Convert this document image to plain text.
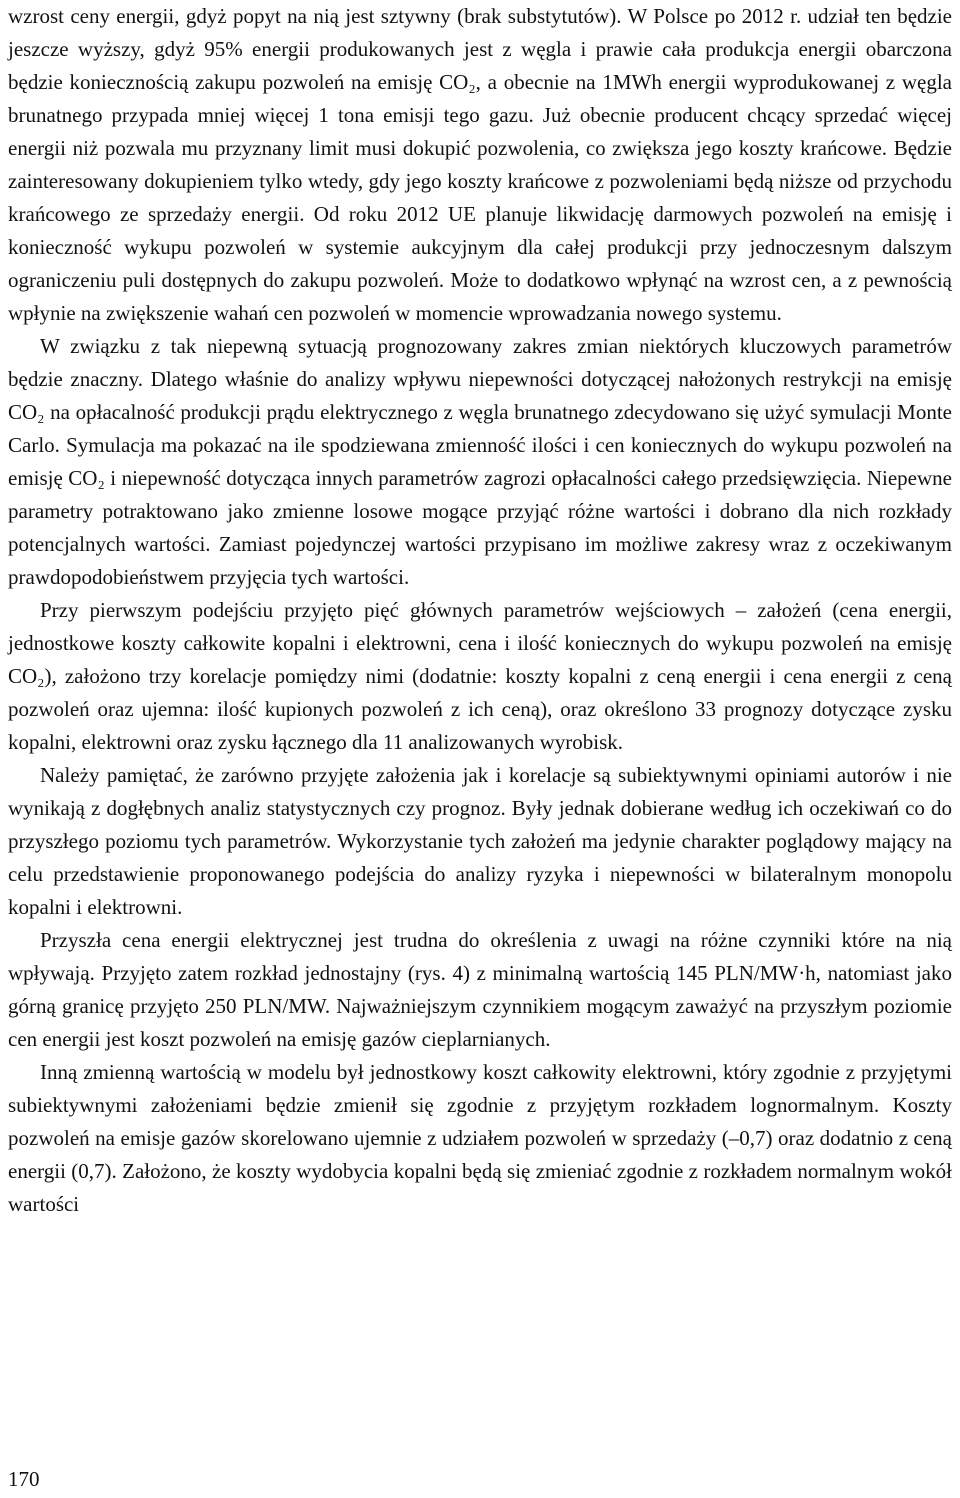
wzrost ceny energii, gdyż popyt na nią jest sztywny (brak substytutów). W Polsce po 2012 r. udział ten będzie jeszcze wyższy, gdyż 95% energii produkowanych jest z węgla i prawie cała produkcja energii obarczona będzie koniecznością zakupu pozwoleń na emisję CO₂, a obecnie na 1MWh energii wyprodukowanej z węgla brunatnego przypada mniej więcej 1 tona emisji tego gazu. Już obecnie producent chcący sprzedać więcej energii niż pozwala mu przyznany limit musi dokupić pozwolenia, co zwiększa jego koszty krańcowe. Będzie zainteresowany dokupieniem tylko wtedy, gdy jego koszty krańcowe z pozwoleniami będą niższe od przychodu krańcowego ze sprzedaży energii. Od roku 2012 UE planuje likwidację darmowych pozwoleń na emisję i konieczność wykupu pozwoleń w systemie aukcyjnym dla całej produkcji przy jednoczesnym dalszym ograniczeniu puli dostępnych do zakupu pozwoleń. Może to dodatkowo wpłynąć na wzrost cen, a z pewnością wpłynie na zwiększenie wahań cen pozwoleń w momencie wprowadzania nowego systemu.

W związku z tak niepewną sytuacją prognozowany zakres zmian niektórych kluczowych parametrów będzie znaczny. Dlatego właśnie do analizy wpływu niepewności dotyczącej nałożonych restrykcji na emisję CO₂ na opłacalność produkcji prądu elektrycznego z węgla brunatnego zdecydowano się użyć symulacji Monte Carlo. Symulacja ma pokazać na ile spodziewana zmienność ilości i cen koniecznych do wykupu pozwoleń na emisję CO₂ i niepewność dotycząca innych parametrów zagrozi opłacalności całego przedsięwzięcia. Niepewne parametry potraktowano jako zmienne losowe mogące przyjąć różne wartości i dobrano dla nich rozkłady potencjalnych wartości. Zamiast pojedynczej wartości przypisano im możliwe zakresy wraz z oczekiwanym prawdopodobieństwem przyjęcia tych wartości.

Przy pierwszym podejściu przyjęto pięć głównych parametrów wejściowych – założeń (cena energii, jednostkowe koszty całkowite kopalni i elektrowni, cena i ilość koniecznych do wykupu pozwoleń na emisję CO₂), założono trzy korelacje pomiędzy nimi (dodatnie: koszty kopalni z ceną energii i cena energii z ceną pozwoleń oraz ujemna: ilość kupionych pozwoleń z ich ceną), oraz określono 33 prognozy dotyczące zysku kopalni, elektrowni oraz zysku łącznego dla 11 analizowanych wyrobisk.

Należy pamiętać, że zarówno przyjęte założenia jak i korelacje są subiektywnymi opiniami autorów i nie wynikają z dogłębnych analiz statystycznych czy prognoz. Były jednak dobierane według ich oczekiwań co do przyszłego poziomu tych parametrów. Wykorzystanie tych założeń ma jedynie charakter poglądowy mający na celu przedstawienie proponowanego podejścia do analizy ryzyka i niepewności w bilateralnym monopolu kopalni i elektrowni.

Przyszła cena energii elektrycznej jest trudna do określenia z uwagi na różne czynniki które na nią wpływają. Przyjęto zatem rozkład jednostajny (rys. 4) z minimalną wartością 145 PLN/MW·h, natomiast jako górną granicę przyjęto 250 PLN/MW. Najważniejszym czynnikiem mogącym zaważyć na przyszłym poziomie cen energii jest koszt pozwoleń na emisję gazów cieplarnianych.

Inną zmienną wartością w modelu był jednostkowy koszt całkowity elektrowni, który zgodnie z przyjętymi subiektywnymi założeniami będzie zmienił się zgodnie z przyjętym rozkładem lognormalnym. Koszty pozwoleń na emisje gazów skorelowano ujemnie z udziałem pozwoleń w sprzedaży (–0,7) oraz dodatnio z ceną energii (0,7). Założono, że koszty wydobycia kopalni będą się zmieniać zgodnie z rozkładem normalnym wokół wartości

170
